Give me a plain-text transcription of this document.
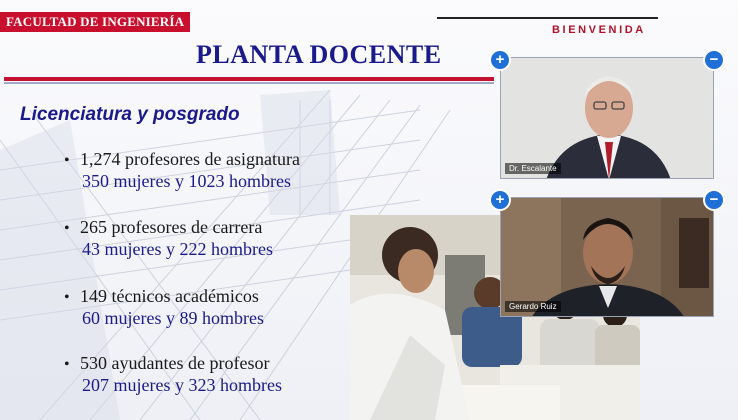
FACULTAD DE INGENIERÍA
BIENVENIDA
PLANTA DOCENTE
Licenciatura y posgrado
• 1,274 profesores de asignatura
350 mujeres y 1023 hombres
• 265 profesores de carrera
43 mujeres y 222 hombres
• 149 técnicos académicos
60 mujeres y 89 hombres
• 530 ayudantes de profesor
207 mujeres y 323 hombres
Dr. Escalante
+	−
Gerardo Ruiz
+	−
